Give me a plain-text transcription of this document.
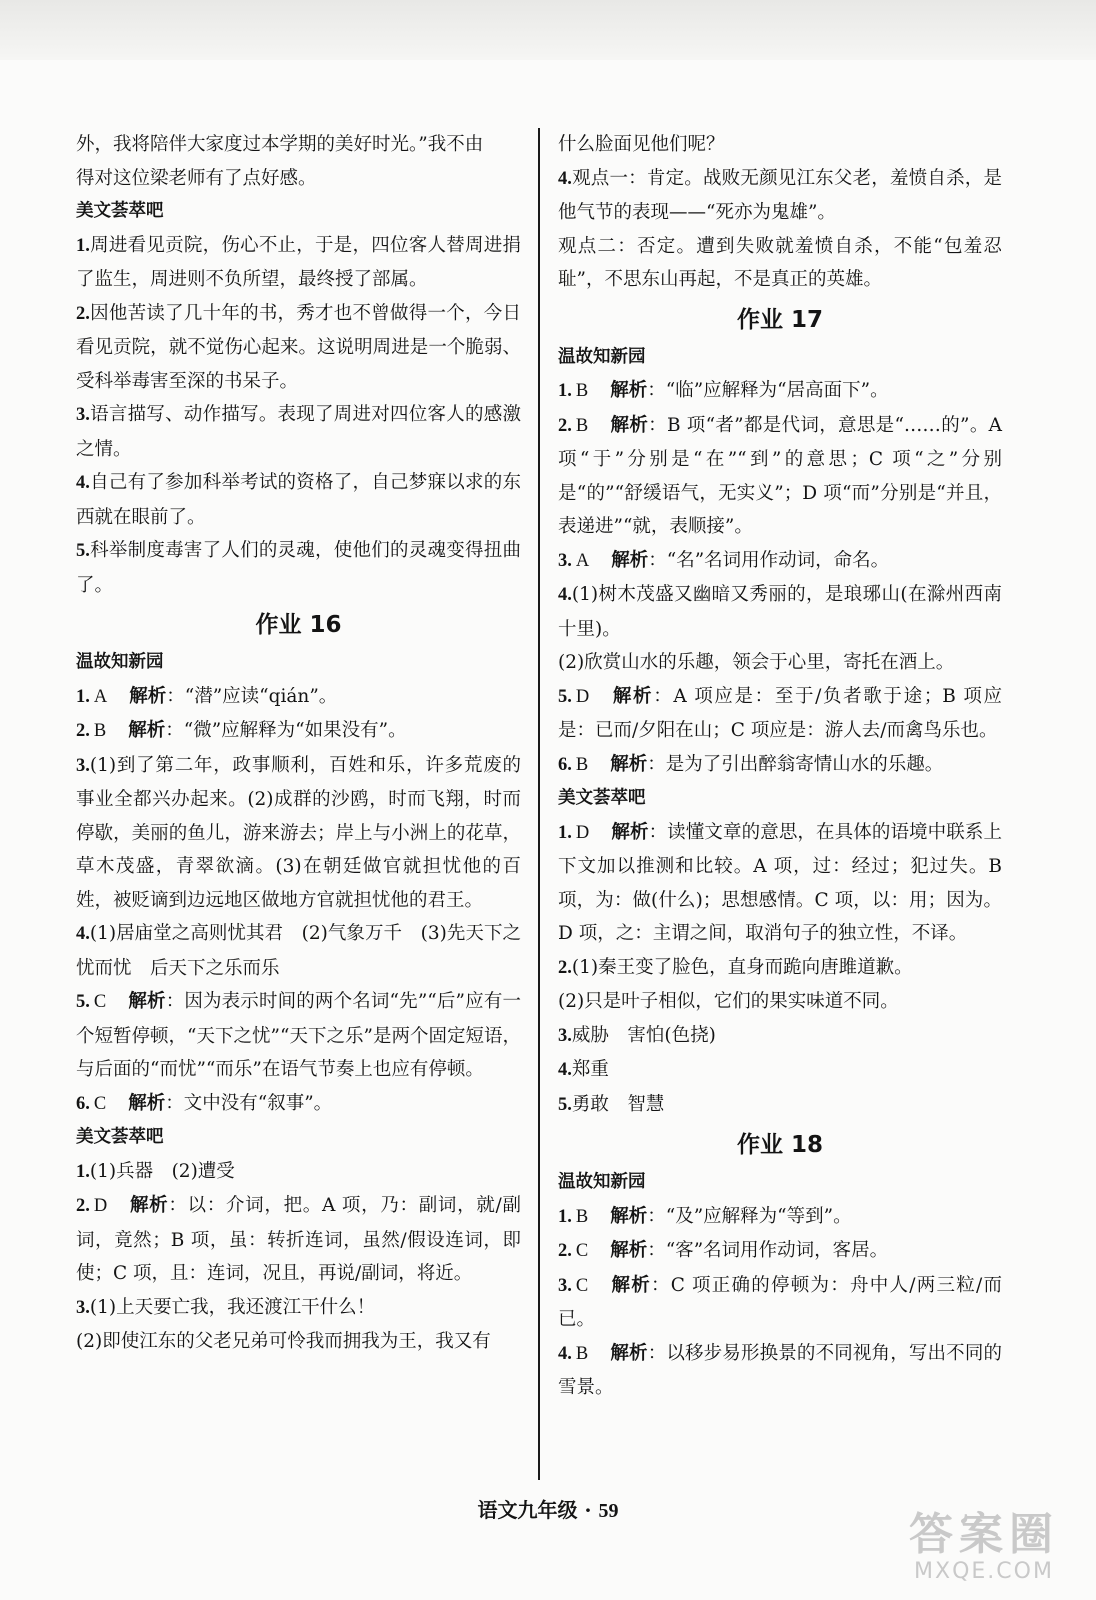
外，我将陪伴大家度过本学期的美好时光。”我不由

得对这位梁老师有了点好感。

美文荟萃吧

1.周进看见贡院，伤心不止，于是，四位客人替周进捐了监生，周进则不负所望，最终授了部属。

2.因他苦读了几十年的书，秀才也不曾做得一个，今日看见贡院，就不觉伤心起来。这说明周进是一个脆弱、受科举毒害至深的书呆子。

3.语言描写、动作描写。表现了周进对四位客人的感激之情。

4.自己有了参加科举考试的资格了，自己梦寐以求的东西就在眼前了。

5.科举制度毒害了人们的灵魂，使他们的灵魂变得扭曲了。

作业 16

温故知新园

1. A 解析：“潜”应读“qián”。

2. B 解析：“微”应解释为“如果没有”。

3.(1)到了第二年，政事顺利，百姓和乐，许多荒废的事业全都兴办起来。(2)成群的沙鸥，时而飞翔，时而停歇，美丽的鱼儿，游来游去；岸上与小洲上的花草，草木茂盛，青翠欲滴。(3)在朝廷做官就担忧他的百姓，被贬谪到边远地区做地方官就担忧他的君王。

4.(1)居庙堂之高则忧其君　(2)气象万千　(3)先天下之忧而忧　后天下之乐而乐

5. C 解析：因为表示时间的两个名词“先”“后”应有一个短暂停顿，“天下之忧”“天下之乐”是两个固定短语，与后面的“而忧”“而乐”在语气节奏上也应有停顿。

6. C 解析：文中没有“叙事”。

美文荟萃吧

1.(1)兵器　(2)遭受

2. D 解析：以：介词，把。A 项，乃：副词，就/副词，竟然；B 项，虽：转折连词，虽然/假设连词，即使；C 项，且：连词，况且，再说/副词，将近。

3.(1)上天要亡我，我还渡江干什么！

(2)即使江东的父老兄弟可怜我而拥我为王，我又有

什么脸面见他们呢？

4.观点一：肯定。战败无颜见江东父老，羞愤自杀，是他气节的表现——“死亦为鬼雄”。

观点二：否定。遭到失败就羞愤自杀，不能“包羞忍耻”，不思东山再起，不是真正的英雄。

作业 17

温故知新园

1. B 解析：“临”应解释为“居高面下”。

2. B 解析：B 项“者”都是代词，意思是“……的”。A 项“于”分别是“在”“到”的意思；C 项“之”分别是“的”“舒缓语气，无实义”；D 项“而”分别是“并且，表递进”“就，表顺接”。

3. A 解析：“名”名词用作动词，命名。

4.(1)树木茂盛又幽暗又秀丽的，是琅琊山(在滁州西南十里)。

(2)欣赏山水的乐趣，领会于心里，寄托在酒上。

5. D 解析：A 项应是：至于/负者歌于途；B 项应是：已而/夕阳在山；C 项应是：游人去/而禽鸟乐也。

6. B 解析：是为了引出醉翁寄情山水的乐趣。

美文荟萃吧

1. D 解析：读懂文章的意思，在具体的语境中联系上下文加以推测和比较。A 项，过：经过；犯过失。B 项，为：做(什么)；思想感情。C 项，以：用；因为。D 项，之：主谓之间，取消句子的独立性，不译。

2.(1)秦王变了脸色，直身而跪向唐雎道歉。

(2)只是叶子相似，它们的果实味道不同。

3.威胁　害怕(色挠)

4.郑重

5.勇敢　智慧

作业 18

温故知新园

1. B 解析：“及”应解释为“等到”。

2. C 解析：“客”名词用作动词，客居。

3. C 解析：C 项正确的停顿为：舟中人/两三粒/而已。

4. B 解析：以移步易形换景的不同视角，写出不同的雪景。

语文九年级 · 59	答案圈
MXQE.COM
